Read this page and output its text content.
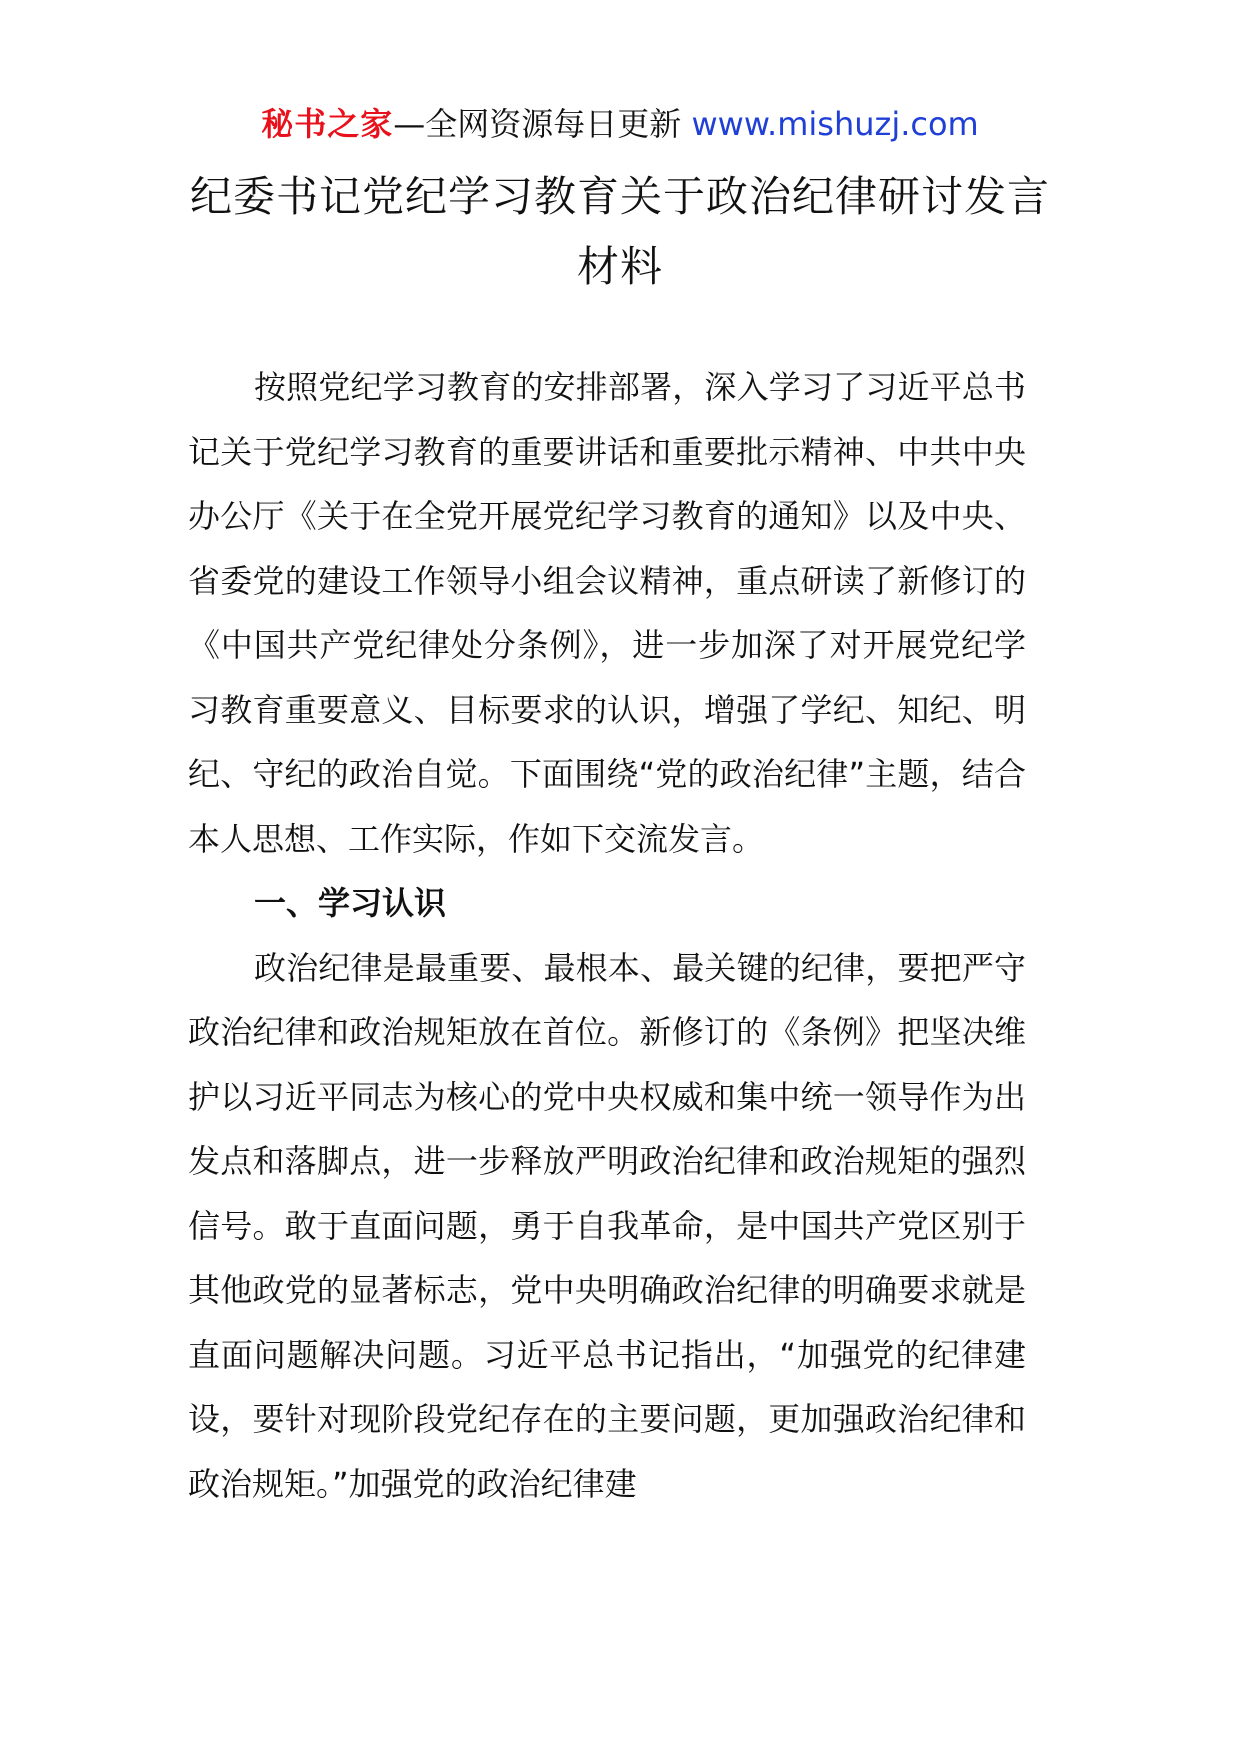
秘书之家—全网资源每日更新 www.mishuzj.com
纪委书记党纪学习教育关于政治纪律研讨发言材料

按照党纪学习教育的安排部署，深入学习了习近平总书记关于党纪学习教育的重要讲话和重要批示精神、中共中央办公厅《关于在全党开展党纪学习教育的通知》以及中央、省委党的建设工作领导小组会议精神，重点研读了新修订的《中国共产党纪律处分条例》，进一步加深了对开展党纪学习教育重要意义、目标要求的认识，增强了学纪、知纪、明纪、守纪的政治自觉。下面围绕“党的政治纪律”主题，结合本人思想、工作实际，作如下交流发言。

一、学习认识

政治纪律是最重要、最根本、最关键的纪律，要把严守政治纪律和政治规矩放在首位。新修订的《条例》把坚决维护以习近平同志为核心的党中央权威和集中统一领导作为出发点和落脚点，进一步释放严明政治纪律和政治规矩的强烈信号。敢于直面问题，勇于自我革命，是中国共产党区别于其他政党的显著标志，党中央明确政治纪律的明确要求就是直面问题解决问题。习近平总书记指出，“加强党的纪律建设，要针对现阶段党纪存在的主要问题，更加强政治纪律和政治规矩。”加强党的政治纪律建
